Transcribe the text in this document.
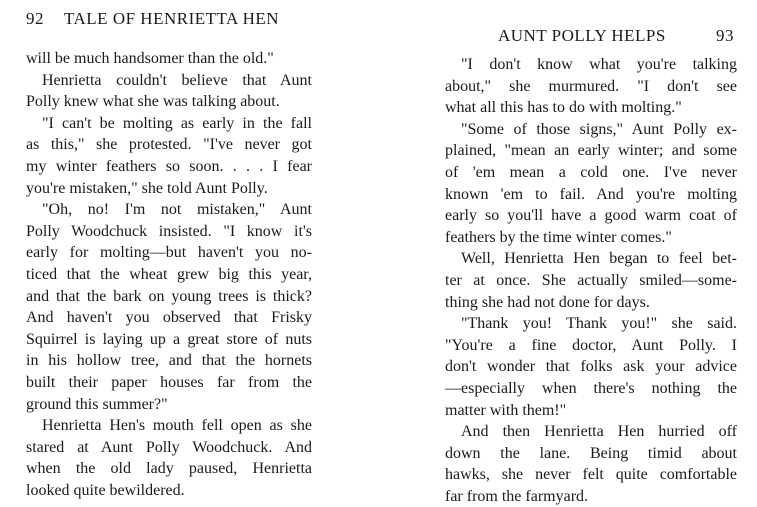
92 TALE OF HENRIETTA HEN
will be much handsomer than the old."
Henrietta couldn't believe that Aunt
Polly knew what she was talking about.
"I can't be molting as early in the fall
as this," she protested. "I've never got
my winter feathers so soon. . . . I fear
you're mistaken," she told Aunt Polly.
"Oh, no! I'm not mistaken," Aunt
Polly Woodchuck insisted. "I know it's
early for molting—but haven't you no-
ticed that the wheat grew big this year,
and that the bark on young trees is thick?
And haven't you observed that Frisky
Squirrel is laying up a great store of nuts
in his hollow tree, and that the hornets
built their paper houses far from the
ground this summer?"
Henrietta Hen's mouth fell open as she
stared at Aunt Polly Woodchuck. And
when the old lady paused, Henrietta
looked quite bewildered.
AUNT POLLY HELPS	93
"I don't know what you're talking
about," she murmured. "I don't see
what all this has to do with molting."
"Some of those signs," Aunt Polly ex-
plained, "mean an early winter; and some
of 'em mean a cold one. I've never
known 'em to fail. And you're molting
early so you'll have a good warm coat of
feathers by the time winter comes."
Well, Henrietta Hen began to feel bet-
ter at once. She actually smiled—some-
thing she had not done for days.
"Thank you! Thank you!" she said.
"You're a fine doctor, Aunt Polly. I
don't wonder that folks ask your advice
—especially when there's nothing the
matter with them!"
And then Henrietta Hen hurried off
down the lane. Being timid about
hawks, she never felt quite comfortable
far from the farmyard.
